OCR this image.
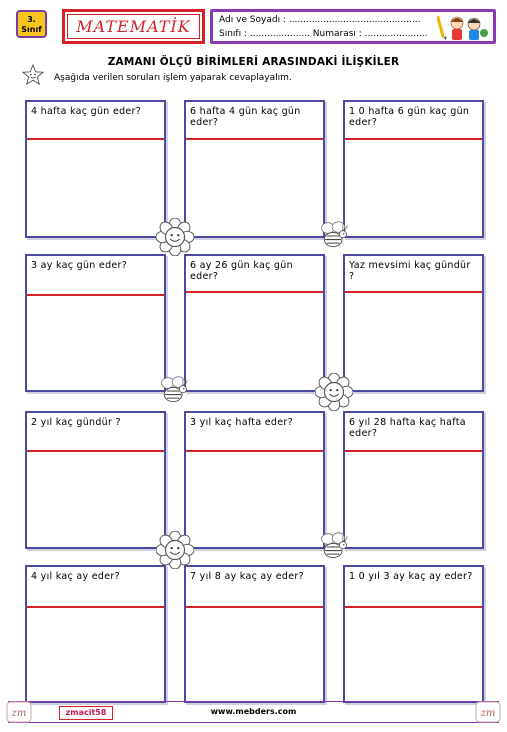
3.
Sınıf	MATEMATİK	Adı ve Soyadı : ..............................................
Sınıfı : ..................... Numarası : ......................
ZAMANI ÖLÇÜ BİRİMLERİ ARASINDAKİ İLİŞKİLER
Aşağıda verilen soruları işlem yaparak cevaplayalım.
4 hafta kaç gün eder?	6 hafta 4 gün kaç gün eder?
1 0 hafta 6 gün kaç gün eder?
3 ay kaç gün eder?	6 ay 26 gün kaç gün eder?
Yaz mevsimi kaç gündür ?
2 yıl kaç gündür ?	3 yıl kaç hafta eder?	6 yıl 28 hafta kaç hafta eder?
4 yıl kaç ay eder?	7 yıl 8 ay kaç ay eder?	1 0 yıl 3 ay kaç ay eder?
zm	zmacit58	www.mebders.com	zm
